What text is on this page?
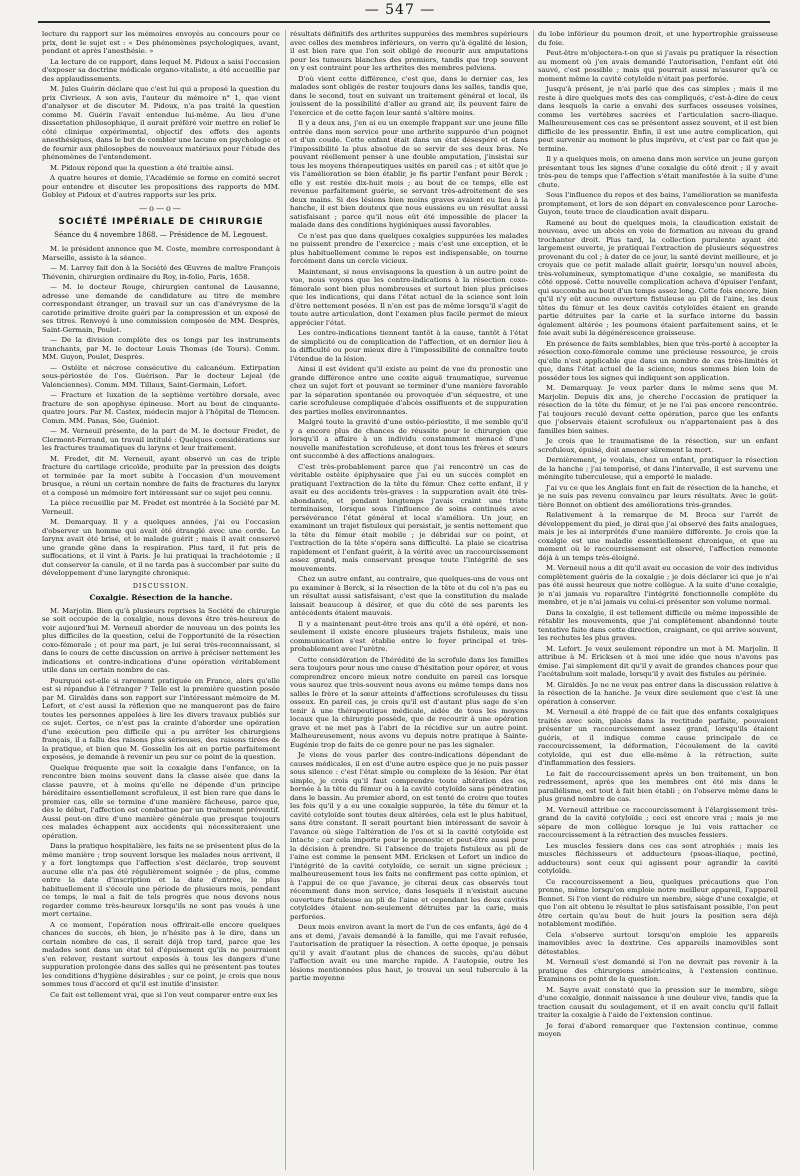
— 547 —

lecture du rapport sur les mémoires envoyés au concours pour ce prix, dont le sujet est : « Des phénomènes psychologiques, avant, pendant et après l'anesthésie. »

La lecture de ce rapport, dans lequel M. Pidoux a saisi l'occasion d'exposer sa doctrine médicale organo-vitaliste, a été accueillie par des applaudissements.

M. Jules Guérin déclare que c'est lui qui a proposé la question du prix Civrieux. A son avis, l'auteur du mémoire n° 1, que vient d'analyser et de discuter M. Pidoux, n'a pas traité la question comme M. Guérin l'avait entendue lui-même. Au lieu d'une dissertation philosophique, il aurait préféré voir mettre en relief le côté clinique expérimental, objectif des effets des agents anesthésiques, dans le but de combler une lacune en psychologie et de fournir aux philosophes de nouveaux matériaux pour l'étude des phénomènes de l'entendement.

M. Pidoux répond que la question a été traitée ainsi.

A quatre heures et demie, l'Académie se forme en comité secret pour entendre et discuter les propositions des rapports de MM. Gobley et Pidoux et d'autres rapports sur les prix.

—o—o—
SOCIÉTÉ IMPÉRIALE DE CHIRURGIE
Séance du 4 novembre 1868. — Présidence de M. Legouest.

M. le président annonce que M. Coste, membre correspondant à Marseille, assiste à la séance.

— M. Larrey fait don à la Société des Œuvres de maître François Thévenin, chirurgien ordinaire du Roy, in-folio, Paris, 1658.

— M. le docteur Rouge, chirurgien cantonal de Lausanne, adresse une demande de candidature au titre de membre correspondant étranger, un travail sur un cas d'anévrysme de la carotide primitive droite guéri par la compression et un exposé de ses titres. Renvoyé à une commission composée de MM. Desprès, Saint-Germain, Poulet.

— De la division complète des os longs par les instruments tranchants, par M. le docteur Louis Thomas (de Tours). Comm. MM. Guyon, Poulet, Desprès.

— Ostéite et nécrose consécutive du calcanéum. Extirpation sous-périostée de l'os. Guérison. Par le docteur Lejeal (de Valenciennes). Comm. MM. Tillaux, Saint-Germain, Lefort.

— Fracture et luxation de la septième vertèbre dorsale, avec fracture de son apophyse épineuse. Mort au bout de cinquante-quatre jours. Par M. Castex, médecin major à l'hôpital de Tlemcen. Comm. MM. Panas, Sée, Guéniot.

— M. Verneuil présente, de la part de M. le docteur Fredet, de Clermont-Ferrand, un travail intitulé : Quelques considérations sur les fractures traumatiques du larynx et leur traitement.

M. Fredet, dit M. Verneuil, ayant observé un cas de triple fracture du cartilage cricoïde, produite par la pression des doigts et terminée par la mort subite à l'occasion d'un mouvement brusque, a réuni un certain nombre de faits de fractures du larynx et a composé un mémoire fort intéressant sur ce sujet peu connu.

La pièce recueillie par M. Fredet est montrée à la Société par M. Verneuil.

M. Demarquay. Il y a quelques années, j'ai eu l'occasion d'observer un homme qui avait été étranglé avec une corde. Le larynx avait été brisé, et le malade guérit ; mais il avait conservé une grande gêne dans la respiration. Plus tard, il fut pris de suffocations, et il vint à Paris. Je lui pratiquai la trachéotomie ; il dut conserver la canule, et il ne tarda pas à succomber par suite du développement d'une laryngite chronique.

DISCUSSION.
Coxalgie. Résection de la hanche.

M. Marjolin. Bien qu'à plusieurs reprises la Société de chirurgie se soit occupée de la coxalgie, nous devons être très-heureux de voir aujourd'hui M. Verneuil aborder de nouveau un des points les plus difficiles de la question, celui de l'opportunité de la résection coxo-fémorale ; et pour ma part, je lui serai très-reconnaissant, si dans le cours de cette discussion on arrive à préciser nettement les indications et contre-indications d'une opération véritablement utile dans un certain nombre de cas.

Pourquoi est-elle si rarement pratiquée en France, alors qu'elle est si répandue à l'étranger ? Telle est la première question posée par M. Giraldès dans son rapport sur l'intéressant mémoire de M. Lefort, et c'est aussi la réflexion que ne manqueront pas de faire toutes les personnes appelées à lire les divers travaux publiés sur ce sujet. Certes, ce n'est pas la crainte d'aborder une opération d'une exécution peu difficile qui a pu arrêter les chirurgiens français, il a fallu des raisons plus sérieuses, des raisons tirées de la pratique, et bien que M. Gosselin les ait en partie parfaitement exposées, je demande à revenir un peu sur ce point de la question.

Quelque fréquente que soit la coxalgie dans l'enfance, on la rencontre bien moins souvent dans la classe aisée que dans la classe pauvre, et à moins qu'elle ne dépende d'un principe héréditaire essentiellement scrofuleux, il est bien rare que dans le premier cas, elle se termine d'une manière fâcheuse, parce que, dès le début, l'affection est combattue par un traitement préventif. Aussi peut-on dire d'une manière générale que presque toujours ces malades échappent aux accidents qui nécessiteraient une opération.

Dans la pratique hospitalière, les faits ne se présentent plus de la même manière ; trop souvent lorsque les malades nous arrivent, il y a fort longtemps que l'affection s'est déclarée, trop souvent aucune elle n'a pas été régulièrement soignée ; de plus, comme entre la date d'inscription et la date d'entrée, le plus habituellement il s'écoule une période de plusieurs mois, pendant ce temps, le mal a fait de tels progrès que nous devons nous regarder comme très-heureux lorsqu'ils ne sont pas voués à une mort certaine.

A ce moment, l'opération nous offrirait-elle encore quelques chances de succès, eh bien, je n'hésite pas à le dire, dans un certain nombre de cas, il serait déjà trop tard, parce que les malades sont dans un état tel d'épuisement qu'ils ne pourraient s'en relever, restant surtout exposés à tous les dangers d'une suppuration prolongée dans des salles qui ne présentent pas toutes les conditions d'hygiène désirables ; sur ce point, je crois que nous sommes tous d'accord et qu'il est inutile d'insister.

Ce fait est tellement vrai, que si l'on veut comparer entre eux les

résultats définitifs des arthrites suppurées des membres supérieurs avec celles des membres inférieurs, on verra qu'à égalité de lésion, il est bien rare que l'on soit obligé de recourir aux amputations pour les tumeurs blanches des premiers, tandis que trop souvent on y est contraint pour les arthrites des membres pelviens.

D'où vient cette différence, c'est que, dans le dernier cas, les malades sont obligés de rester toujours dans les salles, tandis que, dans le second, tout en suivant un traitement général et local, ils jouissent de la possibilité d'aller au grand air, ils peuvent faire de l'exercice et de cette façon leur santé s'altère moins.

Il y a deux ans, j'en ai eu un exemple frappant sur une jeune fille entrée dans mon service pour une arthrite suppurée d'un poignet et d'un coude. Cette enfant était dans un état désespéré et dans l'impossibilité la plus absolue de se servir de ses deux bras. Ne pouvant réellement penser à une double amputation, j'insistai sur tous les moyens thérapeutiques usités en pareil cas ; et sitôt que je vis l'amélioration se bien établir, je fis partir l'enfant pour Berck ; elle y est restée dix-huit mois ; au bout de ce temps, elle est revenue parfaitement guérie, se servant très-adroitement de ses deux mains. Si des lésions bien moins graves avaient eu lieu à la hanche, il est bien douteux que nous eussions eu un résultat aussi satisfaisant ; parce qu'il nous eût été impossible de placer la malade dans des conditions hygiéniques aussi favorables.

Ce n'est pas que dans quelques coxalgies suppurées les malades ne puissent prendre de l'exercice ; mais c'est une exception, et le plus habituellement comme le repos est indispensable, on tourne forcément dans un cercle vicieux.

Maintenant, si nous envisageons la question à un autre point de vue, nous voyons que les contre-indications à la résection coxo-fémorale sont bien plus nombreuses et surtout bien plus précises que les indications, qui dans l'état actuel de la science sont loin d'être nettement posées. Il n'en est pas de même lorsqu'il s'agit de toute autre articulation, dont l'examen plus facile permet de mieux apprécier l'état.

Les contre-indications tiennent tantôt à la cause, tantôt à l'état de simplicité ou de complication de l'affection, et en dernier lieu à la difficulté ou pour mieux dire à l'impossibilité de connaître toute l'étendue de la lésion.

Ainsi il est évident qu'il existe au point de vue du pronostic une grande différence entre une coxite aiguë traumatique, survenue chez un sujet fort et pouvant se terminer d'une manière favorable par la séparation spontanée ou provoquée d'un séquestre, et une carie scrofuleuse compliquée d'abcès ossifluents et de suppuration des parties molles environnantes.

Malgré toute la gravité d'une ostéo-périostite, il me semble qu'il y a encore plus de chances de réussite pour le chirurgien que lorsqu'il a affaire à un individu constamment menacé d'une nouvelle manifestation scrofuleuse, et dont tous les frères et sœurs ont succombé à des affections analogues.

C'est très-probablement parce que j'ai rencontré un cas de véritable ostéite épiphysaire que j'ai eu un succès complet en pratiquant l'extraction de la tête du fémur. Chez cette enfant, il y avait eu des accidents très-graves : la suppuration avait été très-abondante, et pendant longtemps j'avais craint une triste terminaison, lorsque sous l'influence de soins continués avec persévérance l'état général et local s'améliora. Un jour, en examinant un trajet fistuleux qui persistait, je sentis nettement que la tête du fémur était mobile ; je débridai sur ce point, et l'extraction de la tête s'opéra sans difficulté. La plaie se cicatrisa rapidement et l'enfant guérit, à la vérité avec un raccourcissement assez grand, mais conservant presque toute l'intégrité de ses mouvements.

Chez un autre enfant, au contraire, que quelques-uns de vous ont pu examiner à Berck, si la résection de la tête et du col n'a pas eu un résultat aussi satisfaisant, c'est que la constitution du malade laissait beaucoup à désirer, et que du côté de ses parents les antécédents étaient mauvais.

Il y a maintenant peut-être trois ans qu'il a été opéré, et non-seulement il existe encore plusieurs trajets fistuleux, mais une communication s'est établie entre le foyer principal et très-probablement avec l'urètre.

Cette considération de l'hérédité de la scrofule dans les familles sera toujours pour nous une cause d'hésitation pour opérer, et vous comprendrez encore mieux notre conduite en pareil cas lorsque vous saurez que très-souvent nous avons eu même temps dans nos salles le frère et la sœur atteints d'affections scrofuleuses du tissu osseux. En pareil cas, je crois qu'il est d'autant plus sage de s'en tenir à une thérapeutique médicale, aidée de tous les moyens locaux que la chirurgie possède, que de recourir à une opération grave et ne met pas à l'abri de la récidive sur un autre point. Malheureusement, nous avons vu depuis notre pratique à Sainte-Eugénie trop de faits de ce genre pour ne pas les signaler.

Je viens de vous parler des contre-indications dépendant de causes médicales, il en est d'une autre espèce que je ne puis passer sous silence : c'est l'état simple ou complexe de la lésion. Par état simple, je crois qu'il faut comprendre toute altération des os, bornée à la tête du fémur ou à la cavité cotyloïde sans pénétration dans le bassin. Au premier abord, on est tenté de croire que toutes les fois qu'il y a eu une coxalgie suppurée, la tête du fémur et la cavité cotyloïde sont toutes deux altérées, cela est le plus habituel, sans être constant. Il serait pourtant bien intéressant de savoir à l'avance où siège l'altération de l'os et si la cavité cotyloïde est intacte ; car cela importe pour le pronostic et peut-être aussi pour la décision à prendre. Si l'absence de trajets fistuleux au pli de l'aine est comme le pensent MM. Ericksen et Lefort un indice de l'intégrité de la cavité cotyloïde, ce serait un signe précieux ; malheureusement tous les faits ne confirment pas cette opinion, et à l'appui de ce que j'avance, je citerai deux cas observés tout récemment dans mon service, dans lesquels il n'existait aucune ouverture fistuleuse au pli de l'aine et cependant les deux cavités cotyloïdes étaient non-seulement détruites par la carie, mais perforées.

Deux mois environ avant la mort de l'un de ces enfants, âgé de 4 ans et demi, j'avais demandé à la famille, qui me l'avait refusée, l'autorisation de pratiquer la résection. A cette époque, je pensais qu'il y avait d'autant plus de chances de succès, qu'au début l'affection avait eu une marche rapide. A l'autopsie, outre les lésions mentionnées plus haut, je trouvai un seul tubercule à la partie moyenne

du lobe inférieur du poumon droit, et une hypertrophie graisseuse du foie.

Peut-être m'objectera-t-on que si j'avais pu pratiquer la résection au moment où j'en avais demandé l'autorisation, l'enfant eût été sauvé, c'est possible ; mais qui pourrait aussi m'assurer qu'à ce moment même la cavité cotyloïde n'était pas perforée.

Jusqu'à présent, je n'ai parlé que des cas simples ; mais il me reste à dire quelques mots des cas compliqués, c'est-à-dire de ceux dans lesquels la carie a envahi des surfaces osseuses voisines, comme les vertèbres sacrées et l'articulation sacro-iliaque. Malheureusement ces cas se présentent assez souvent, et il est bien difficile de les pressentir. Enfin, il est une autre complication, qui peut survenir au moment le plus imprévu, et c'est par ce fait que je termine.

Il y a quelques mois, on amena dans mon service un jeune garçon présentant tous les signes d'une coxalgie du côté droit ; il y avait très-peu de temps que l'affection s'était manifestée à la suite d'une chute.

Sous l'influence du repos et des bains, l'amélioration se manifesta promptement, et lors de son départ en convalescence pour Laroche-Guyon, toute trace de claudication avait disparu.

Ramené au bout de quelques mois, la claudication existait de nouveau, avec un abcès en voie de formation au niveau du grand trochanter droit. Plus tard, la collection purulente ayant été largement ouverte, je pratiquai l'extraction de plusieurs séquestres provenant du col ; à dater de ce jour, la santé devint meilleure, et je croyais que ce petit malade allait guérir, lorsqu'un nouvel abcès, très-volumineux, symptomatique d'une coxalgie, se manifesta du côté opposé. Cette nouvelle complication acheva d'épuiser l'enfant, qui succomba au bout d'un temps assez long. Cette fois encore, bien qu'il n'y eût aucune ouverture fistuleuse au pli de l'aine, les deux têtes du fémur et les deux cavités cotyloïdes étaient en grande partie détruites par la carie et la surface interne du bassin également altérée ; les poumons étaient parfaitement sains, et le foie avait subi la dégénérescence graisseuse.

En présence de faits semblables, bien que très-porté à accepter la résection coxo-fémorale comme une précieuse ressource, je crois qu'elle n'est applicable que dans un nombre de cas très-limités et que, dans l'état actuel de la science, nous sommes bien loin de posséder tous les signes qui indiquent son application.

M. Demarquay. Je veux parler dans le même sens que M. Marjolin. Depuis dix ans, je cherche l'occasion de pratiquer la résection de la tête du fémur, et je ne l'ai pas encore rencontrée. J'ai toujours reculé devant cette opération, parce que les enfants que j'observais étaient scrofuleux ou n'appartenaient pas à des familles bien saines.

Je crois que le traumatisme de la résection, sur un enfant scrofuleux, épuisé, doit amener sûrement la mort.

Dernièrement, je voulais, chez un enfant, pratiquer la résection de la hanche ; j'ai temporisé, et dans l'intervalle, il est survenu une méningite tuberculeuse, qui a emporté le malade.

J'ai vu ce que les Anglais font en fait de résection de la hanche, et je ne suis pas revenu convaincu par leurs résultats. Avec le goût-tière Bonnet on obtient des améliorations très-grandes.

Relativement à la remarque de M. Broca sur l'arrêt de développement du pied, je dirai que j'ai observé des faits analogues, mais je les ai interprétés d'une manière différente. Je crois que la coxalgie est une maladie essentiellement chronique, et que au moment où le raccourcissement est observé, l'affection remonte déjà à un temps très-éloigné.

M. Verneuil nous a dit qu'il avait eu occasion de voir des individus complètement guéris de la coxalgie ; je dois déclarer ici que je n'ai pas été aussi heureux que notre collègue. A la suite d'une coxalgie, je n'ai jamais vu reparaître l'intégrité fonctionnelle complète du membre, et je n'ai jamais vu celui-ci présenter son volume normal.

Dans la coxalgie, il est tellement difficile ou même impossible de rétablir les mouvements, que j'ai complètement abandonné toute tentative faite dans cette direction, craignant, ce qui arrive souvent, les rechutes les plus graves.

M. Lefort. Je veux seulement répondre un mot à M. Marjolin. Il attribue à M. Ericksen et à moi une idée que nous n'avons pas émise. J'ai simplement dit qu'il y avait de grandes chances pour que l'acétabulum soit malade, lorsqu'il y avait des fistules au périnée.

M. Giraldès. Je ne ne veux pas entrer dans la discussion relative à la résection de la hanche. Je veux dire seulement que c'est là une opération à conserver.

M. Verneuil a été frappé de ce fait que des enfants coxalgiques traités avec soin, placés dans la rectitude parfaite, pouvaient présenter un raccourcissement assez grand, lorsqu'ils étaient guéris, et il indique comme cause principale de ce raccourcissement, la déformation, l'écoulement de la cavité cotyloïde, qui est due elle-même à la rétraction, suite d'inflammation des fessiers.

Le fait de raccourcissement après un bon traitement, un bon redressement, après que les membres ont été mis dans le parallélisme, est tout à fait bien établi ; on l'observe même dans le plus grand nombre de cas.

M. Verneuil attribue ce raccourcissement à l'élargissement très-grand de la cavité cotyloïde ; ceci est encore vrai ; mais je me sépare de mon collègue lorsque je lui vois rattacher ce raccourcissement à la rétraction des muscles fessiers.

Les muscles fessiers dans ces cas sont atrophiés ; mais les muscles fléchisseurs et adducteurs (psoas-iliaque, pectiné, adducteurs) sont ceux qui agissent pour agrandir la cavité cotyloïde.

Ce raccourcissement a lieu, quelques précautions que l'on prenne, même lorsqu'on emploie notre meilleur appareil, l'appareil Bonnet. Si l'on vient de réduire un membre, siège d'une coxalgie, et que l'on ait obtenu le résultat le plus satisfaisant possible, l'on peut être certain qu'au bout de huit jours la position sera déjà notablement modifiée.

Cela s'observe surtout lorsqu'on emploie les appareils inamovibles avec la dextrine. Ces appareils inamovibles sont détestables.

M. Verneuil s'est demandé si l'on ne devrait pas revenir à la pratique des chirurgiens américains, à l'extension continue. Examinons ce point de la question.

M. Sayre avait constaté que la pression sur le membre, siège d'une coxalgie, donnait naissance à une douleur vive, tandis que la traction causait du soulagement, et il en avait conclu qu'il fallait traiter la coxalgie à l'aide de l'extension continue.

Je ferai d'abord remarquer que l'extension continue, comme moyen
